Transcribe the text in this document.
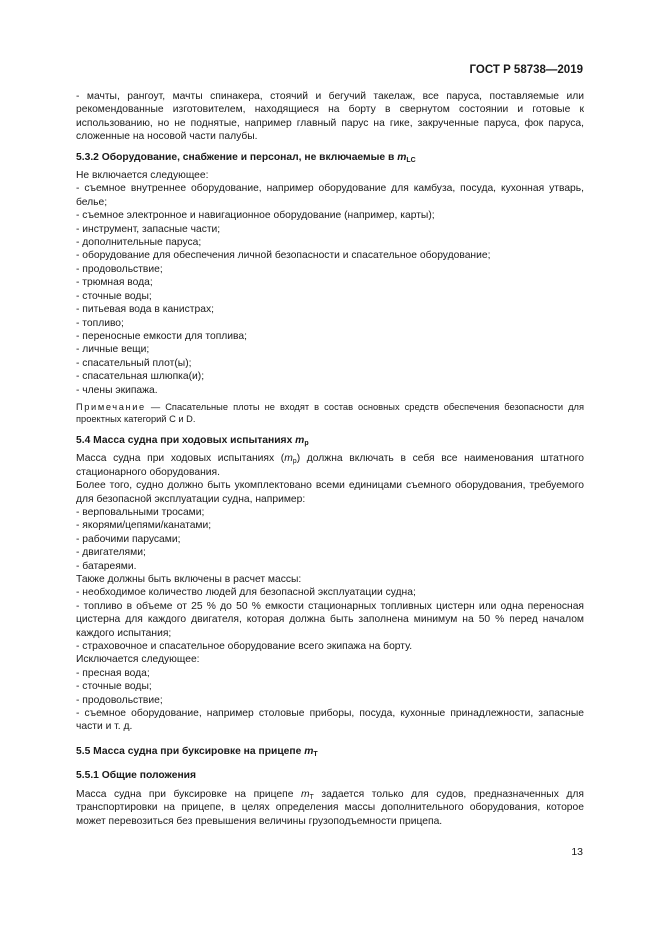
ГОСТ Р 58738—2019

- мачты, рангоут, мачты спинакера, стоячий и бегучий такелаж, все паруса, поставляемые или рекомендованные изготовителем, находящиеся на борту в свернутом состоянии и готовые к использованию, но не поднятые, например главный парус на гике, закрученные паруса, фок паруса, сложенные на носовой части палубы.

5.3.2 Оборудование, снабжение и персонал, не включаемые в $m_{LC}$

Не включается следующее:

- съемное внутреннее оборудование, например оборудование для камбуза, посуда, кухонная утварь, белье;

- съемное электронное и навигационное оборудование (например, карты);

- инструмент, запасные части;

- дополнительные паруса;

- оборудование для обеспечения личной безопасности и спасательное оборудование;

- продовольствие;

- трюмная вода;

- сточные воды;

- питьевая вода в канистрах;

- топливо;

- переносные емкости для топлива;

- личные вещи;

- спасательный плот(ы);

- спасательная шлюпка(и);

- члены экипажа.

Примечание — Спасательные плоты не входят в состав основных средств обеспечения безопасности для проектных категорий С и D.

5.4 Масса судна при ходовых испытаниях $m_p$

Масса судна при ходовых испытаниях $(m_p)$ должна включать в себя все наименования штатного стационарного оборудования.

Более того, судно должно быть укомплектовано всеми единицами съемного оборудования, требуемого для безопасной эксплуатации судна, например:

- верповальными тросами;

- якорями/цепями/канатами;

- рабочими парусами;

- двигателями;

- батареями.

Также должны быть включены в расчет массы:

- необходимое количество людей для безопасной эксплуатации судна;

- топливо в объеме от 25 % до 50 % емкости стационарных топливных цистерн или одна переносная цистерна для каждого двигателя, которая должна быть заполнена минимум на 50 % перед началом каждого испытания;

- страховочное и спасательное оборудование всего экипажа на борту.

Исключается следующее:

- пресная вода;

- сточные воды;

- продовольствие;

- съемное оборудование, например столовые приборы, посуда, кухонные принадлежности, запасные части и т. д.

5.5 Масса судна при буксировке на прицепе $m_T$
5.5.1 Общие положения

Масса судна при буксировке на прицепе $m_T$ задается только для судов, предназначенных для транспортировки на прицепе, в целях определения массы дополнительного оборудования, которое может перевозиться без превышения величины грузоподъемности прицепа.

13
